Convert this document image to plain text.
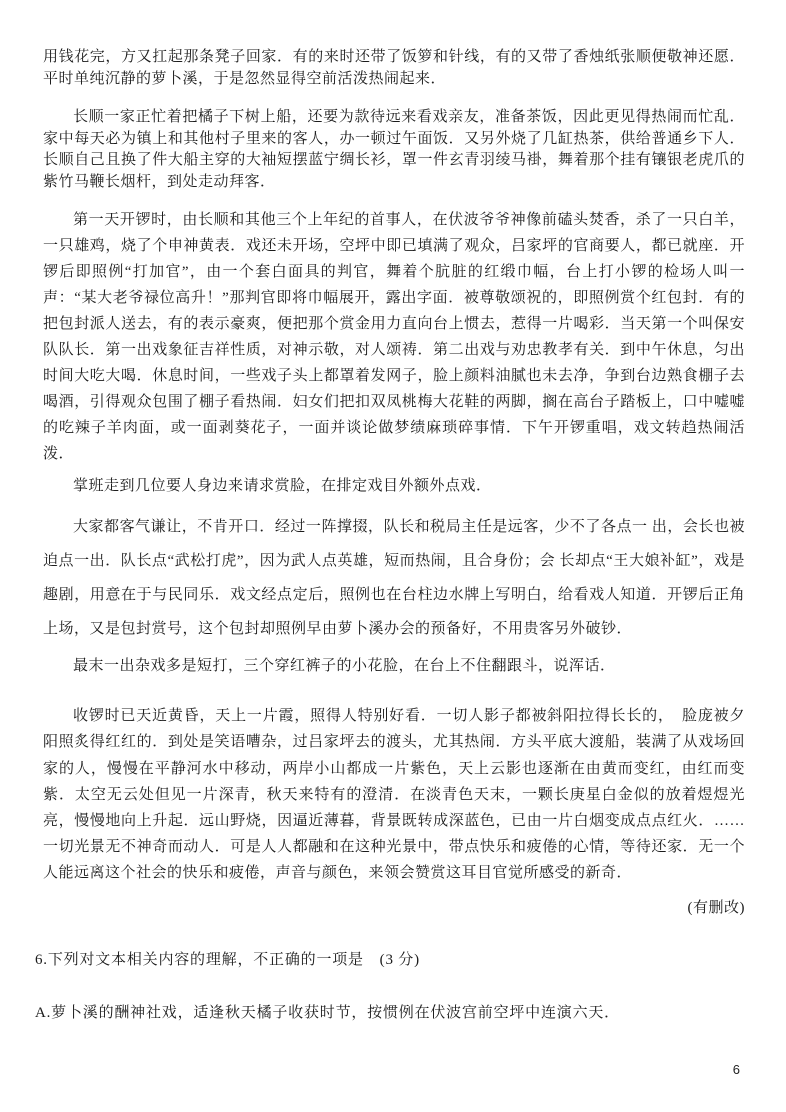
用钱花完，方又扛起那条凳子回家．有的来时还带了饭箩和针线，有的又带了香烛纸张顺便敬神还愿．平时单纯沉静的萝卜溪，于是忽然显得空前活泼热闹起来．

长顺一家正忙着把橘子下树上船，还要为款待远来看戏亲友，准备茶饭，因此更见得热闹而忙乱．家中每天必为镇上和其他村子里来的客人，办一顿过午面饭．又另外烧了几缸热茶，供给普通乡下人．长顺自己且换了件大船主穿的大袖短摆蓝宁绸长衫，罩一件玄青羽绫马褂，舞着那个挂有镶银老虎爪的紫竹马鞭长烟杆，到处走动拜客．

第一天开锣时，由长顺和其他三个上年纪的首事人，在伏波爷爷神像前磕头焚香，杀了一只白羊，一只雄鸡，烧了个申神黄表．戏还未开场，空坪中即已填满了观众，吕家坪的官商要人，都已就座．开锣后即照例“打加官”，由一个套白面具的判官，舞着个肮脏的红缎巾幅，台上打小锣的检场人叫一声：“某大老爷禄位高升！”那判官即将巾幅展开，露出字面．被尊敬颂祝的，即照例赏个红包封．有的把包封派人送去，有的表示豪爽，便把那个赏金用力直向台上惯去，惹得一片喝彩．当天第一个叫保安队队长．第一出戏象征吉祥性质，对神示敬，对人颂祷．第二出戏与劝忠教孝有关．到中午休息，匀出时间大吃大喝．休息时间，一些戏子头上都罩着发网子，脸上颜料油腻也未去净，争到台边熟食棚子去喝酒，引得观众包围了棚子看热闹．妇女们把扣双凤桃梅大花鞋的两脚，搁在高台子踏板上，口中嘘嘘的吃辣子羊肉面，或一面剥葵花子，一面并谈论做梦绩麻琐碎事情．下午开锣重唱，戏文转趋热闹活泼．

掌班走到几位要人身边来请求赏脸，在排定戏目外额外点戏．

大家都客气谦让，不肯开口．经过一阵撑掇，队长和税局主任是远客，少不了各点一 出，会长也被迫点一出．队长点“武松打虎”，因为武人点英雄，短而热闹，且合身份；会 长却点“王大娘补缸”，戏是趣剧，用意在于与民同乐．戏文经点定后，照例也在台柱边水牌上写明白，给看戏人知道．开锣后正角上场，又是包封赏号，这个包封却照例早由萝卜溪办会的预备好，不用贵客另外破钞．

最末一出杂戏多是短打，三个穿红裤子的小花脸，在台上不住翻跟斗，说浑话．

收锣时已天近黄昏，天上一片霞，照得人特别好看．一切人影子都被斜阳拉得长长的，　脸庞被夕阳照炙得红红的．到处是笑语嘈杂，过吕家坪去的渡头，尤其热闹．方头平底大渡船，装满了从戏场回家的人，慢慢在平静河水中移动，两岸小山都成一片紫色，天上云影也逐渐在由黄而变红，由红而变紫．太空无云处但见一片深青，秋天来特有的澄清．在淡青色天末，一颗长庚星白金似的放着煜煜光亮，慢慢地向上升起．远山野烧，因逼近薄暮，背景既转成深蓝色，已由一片白烟变成点点红火．……一切光景无不神奇而动人．可是人人都融和在这种光景中，带点快乐和疲倦的心情，等待还家．无一个人能远离这个社会的快乐和疲倦，声音与颜色，来领会赞赏这耳目官觉所感受的新奇．

(有删改)
6.下列对文本相关内容的理解，不正确的一项是　(3 分)
A.萝卜溪的酬神社戏，适逢秋天橘子收获时节，按惯例在伏波宫前空坪中连演六天．
6
